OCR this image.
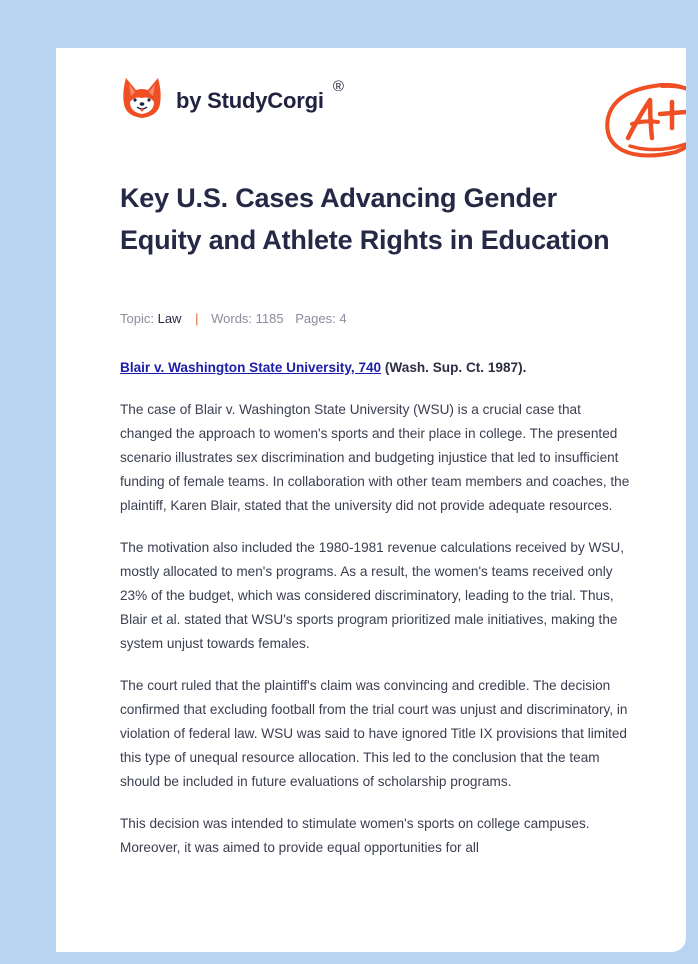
by StudyCorgi
®
Key U.S. Cases Advancing Gender Equity and Athlete Rights in Education
Topic: Law | Words: 1185 Pages: 4

Blair v. Washington State University, 740 (Wash. Sup. Ct. 1987).

The case of Blair v. Washington State University (WSU) is a crucial case that changed the approach to women's sports and their place in college. The presented scenario illustrates sex discrimination and budgeting injustice that led to insufficient funding of female teams. In collaboration with other team members and coaches, the plaintiff, Karen Blair, stated that the university did not provide adequate resources.

The motivation also included the 1980-1981 revenue calculations received by WSU, mostly allocated to men's programs. As a result, the women's teams received only 23% of the budget, which was considered discriminatory, leading to the trial. Thus, Blair et al. stated that WSU's sports program prioritized male initiatives, making the system unjust towards females.

The court ruled that the plaintiff's claim was convincing and credible. The decision confirmed that excluding football from the trial court was unjust and discriminatory, in violation of federal law. WSU was said to have ignored Title IX provisions that limited this type of unequal resource allocation. This led to the conclusion that the team should be included in future evaluations of scholarship programs.

This decision was intended to stimulate women's sports on college campuses. Moreover, it was aimed to provide equal opportunities for all
